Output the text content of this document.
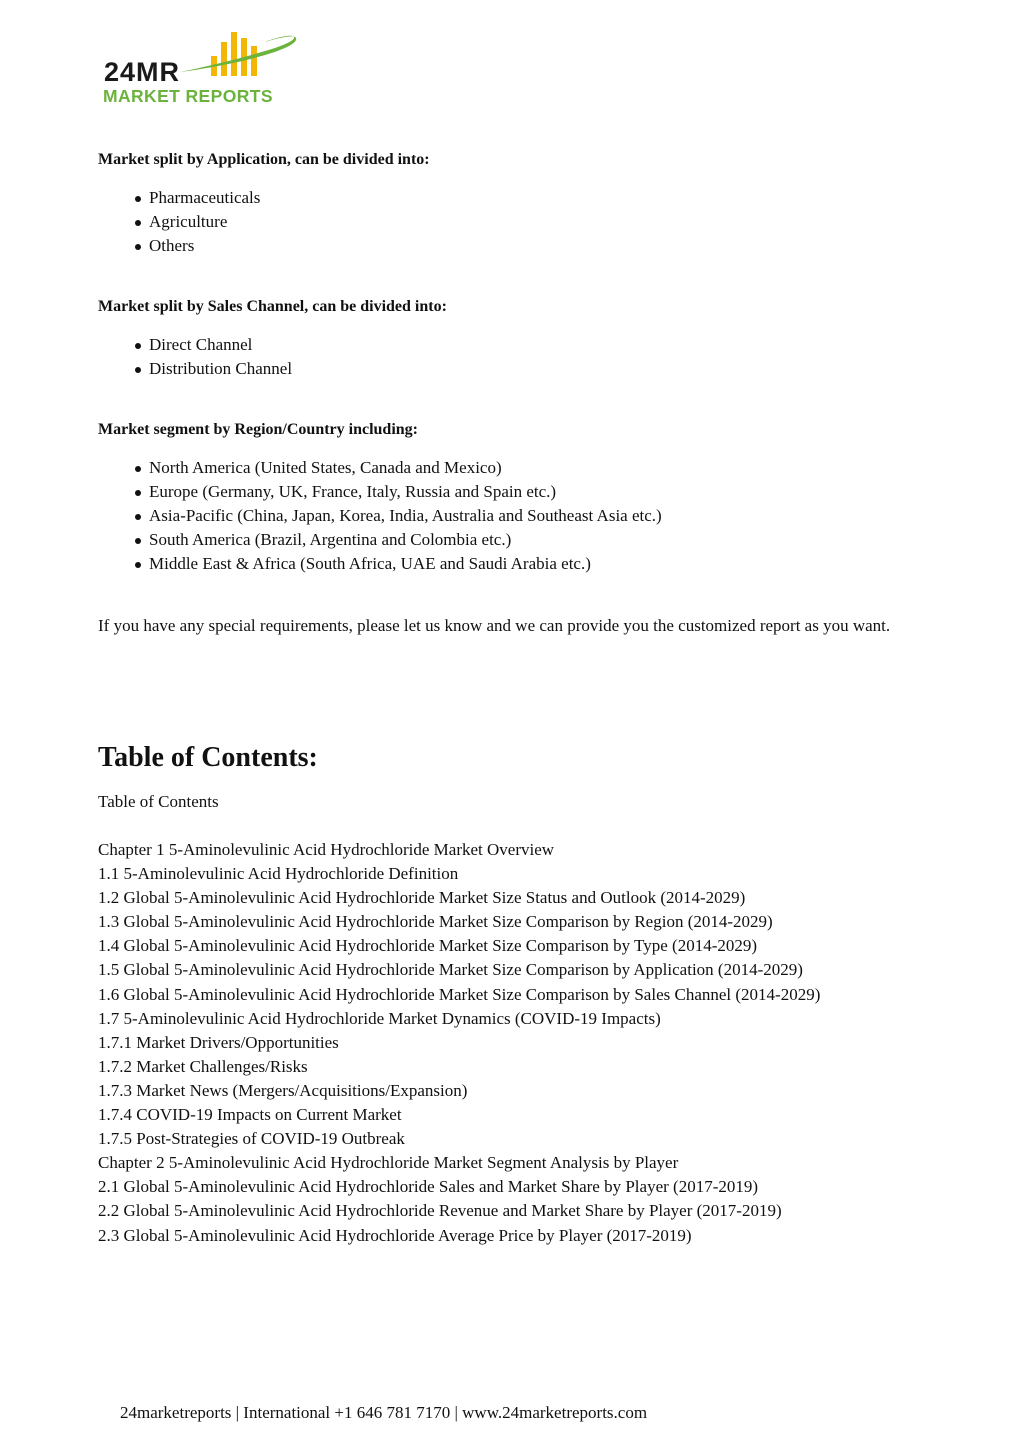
24MR
MARKET REPORTS

Market split by Application, can be divided into:

Pharmaceuticals
Agriculture
Others

Market split by Sales Channel, can be divided into:

Direct Channel
Distribution Channel

Market segment by Region/Country including:

North America (United States, Canada and Mexico)
Europe (Germany, UK, France, Italy, Russia and Spain etc.)
Asia-Pacific (China, Japan, Korea, India, Australia and Southeast Asia etc.)
South America (Brazil, Argentina and Colombia etc.)
Middle East & Africa (South Africa, UAE and Saudi Arabia etc.)

If you have any special requirements, please let us know and we can provide you the customized report as you want.

Table of Contents:

Table of Contents

Chapter 1 5-Aminolevulinic Acid Hydrochloride Market Overview
1.1 5-Aminolevulinic Acid Hydrochloride Definition
1.2 Global 5-Aminolevulinic Acid Hydrochloride Market Size Status and Outlook (2014-2029)
1.3 Global 5-Aminolevulinic Acid Hydrochloride Market Size Comparison by Region (2014-2029)
1.4 Global 5-Aminolevulinic Acid Hydrochloride Market Size Comparison by Type (2014-2029)
1.5 Global 5-Aminolevulinic Acid Hydrochloride Market Size Comparison by Application (2014-2029)
1.6 Global 5-Aminolevulinic Acid Hydrochloride Market Size Comparison by Sales Channel (2014-2029)
1.7 5-Aminolevulinic Acid Hydrochloride Market Dynamics (COVID-19 Impacts)
1.7.1 Market Drivers/Opportunities
1.7.2 Market Challenges/Risks
1.7.3 Market News (Mergers/Acquisitions/Expansion)
1.7.4 COVID-19 Impacts on Current Market
1.7.5 Post-Strategies of COVID-19 Outbreak
Chapter 2 5-Aminolevulinic Acid Hydrochloride Market Segment Analysis by Player
2.1 Global 5-Aminolevulinic Acid Hydrochloride Sales and Market Share by Player (2017-2019)
2.2 Global 5-Aminolevulinic Acid Hydrochloride Revenue and Market Share by Player (2017-2019)
2.3 Global 5-Aminolevulinic Acid Hydrochloride Average Price by Player (2017-2019)
24marketreports | International +1 646 781 7170 | www.24marketreports.com
